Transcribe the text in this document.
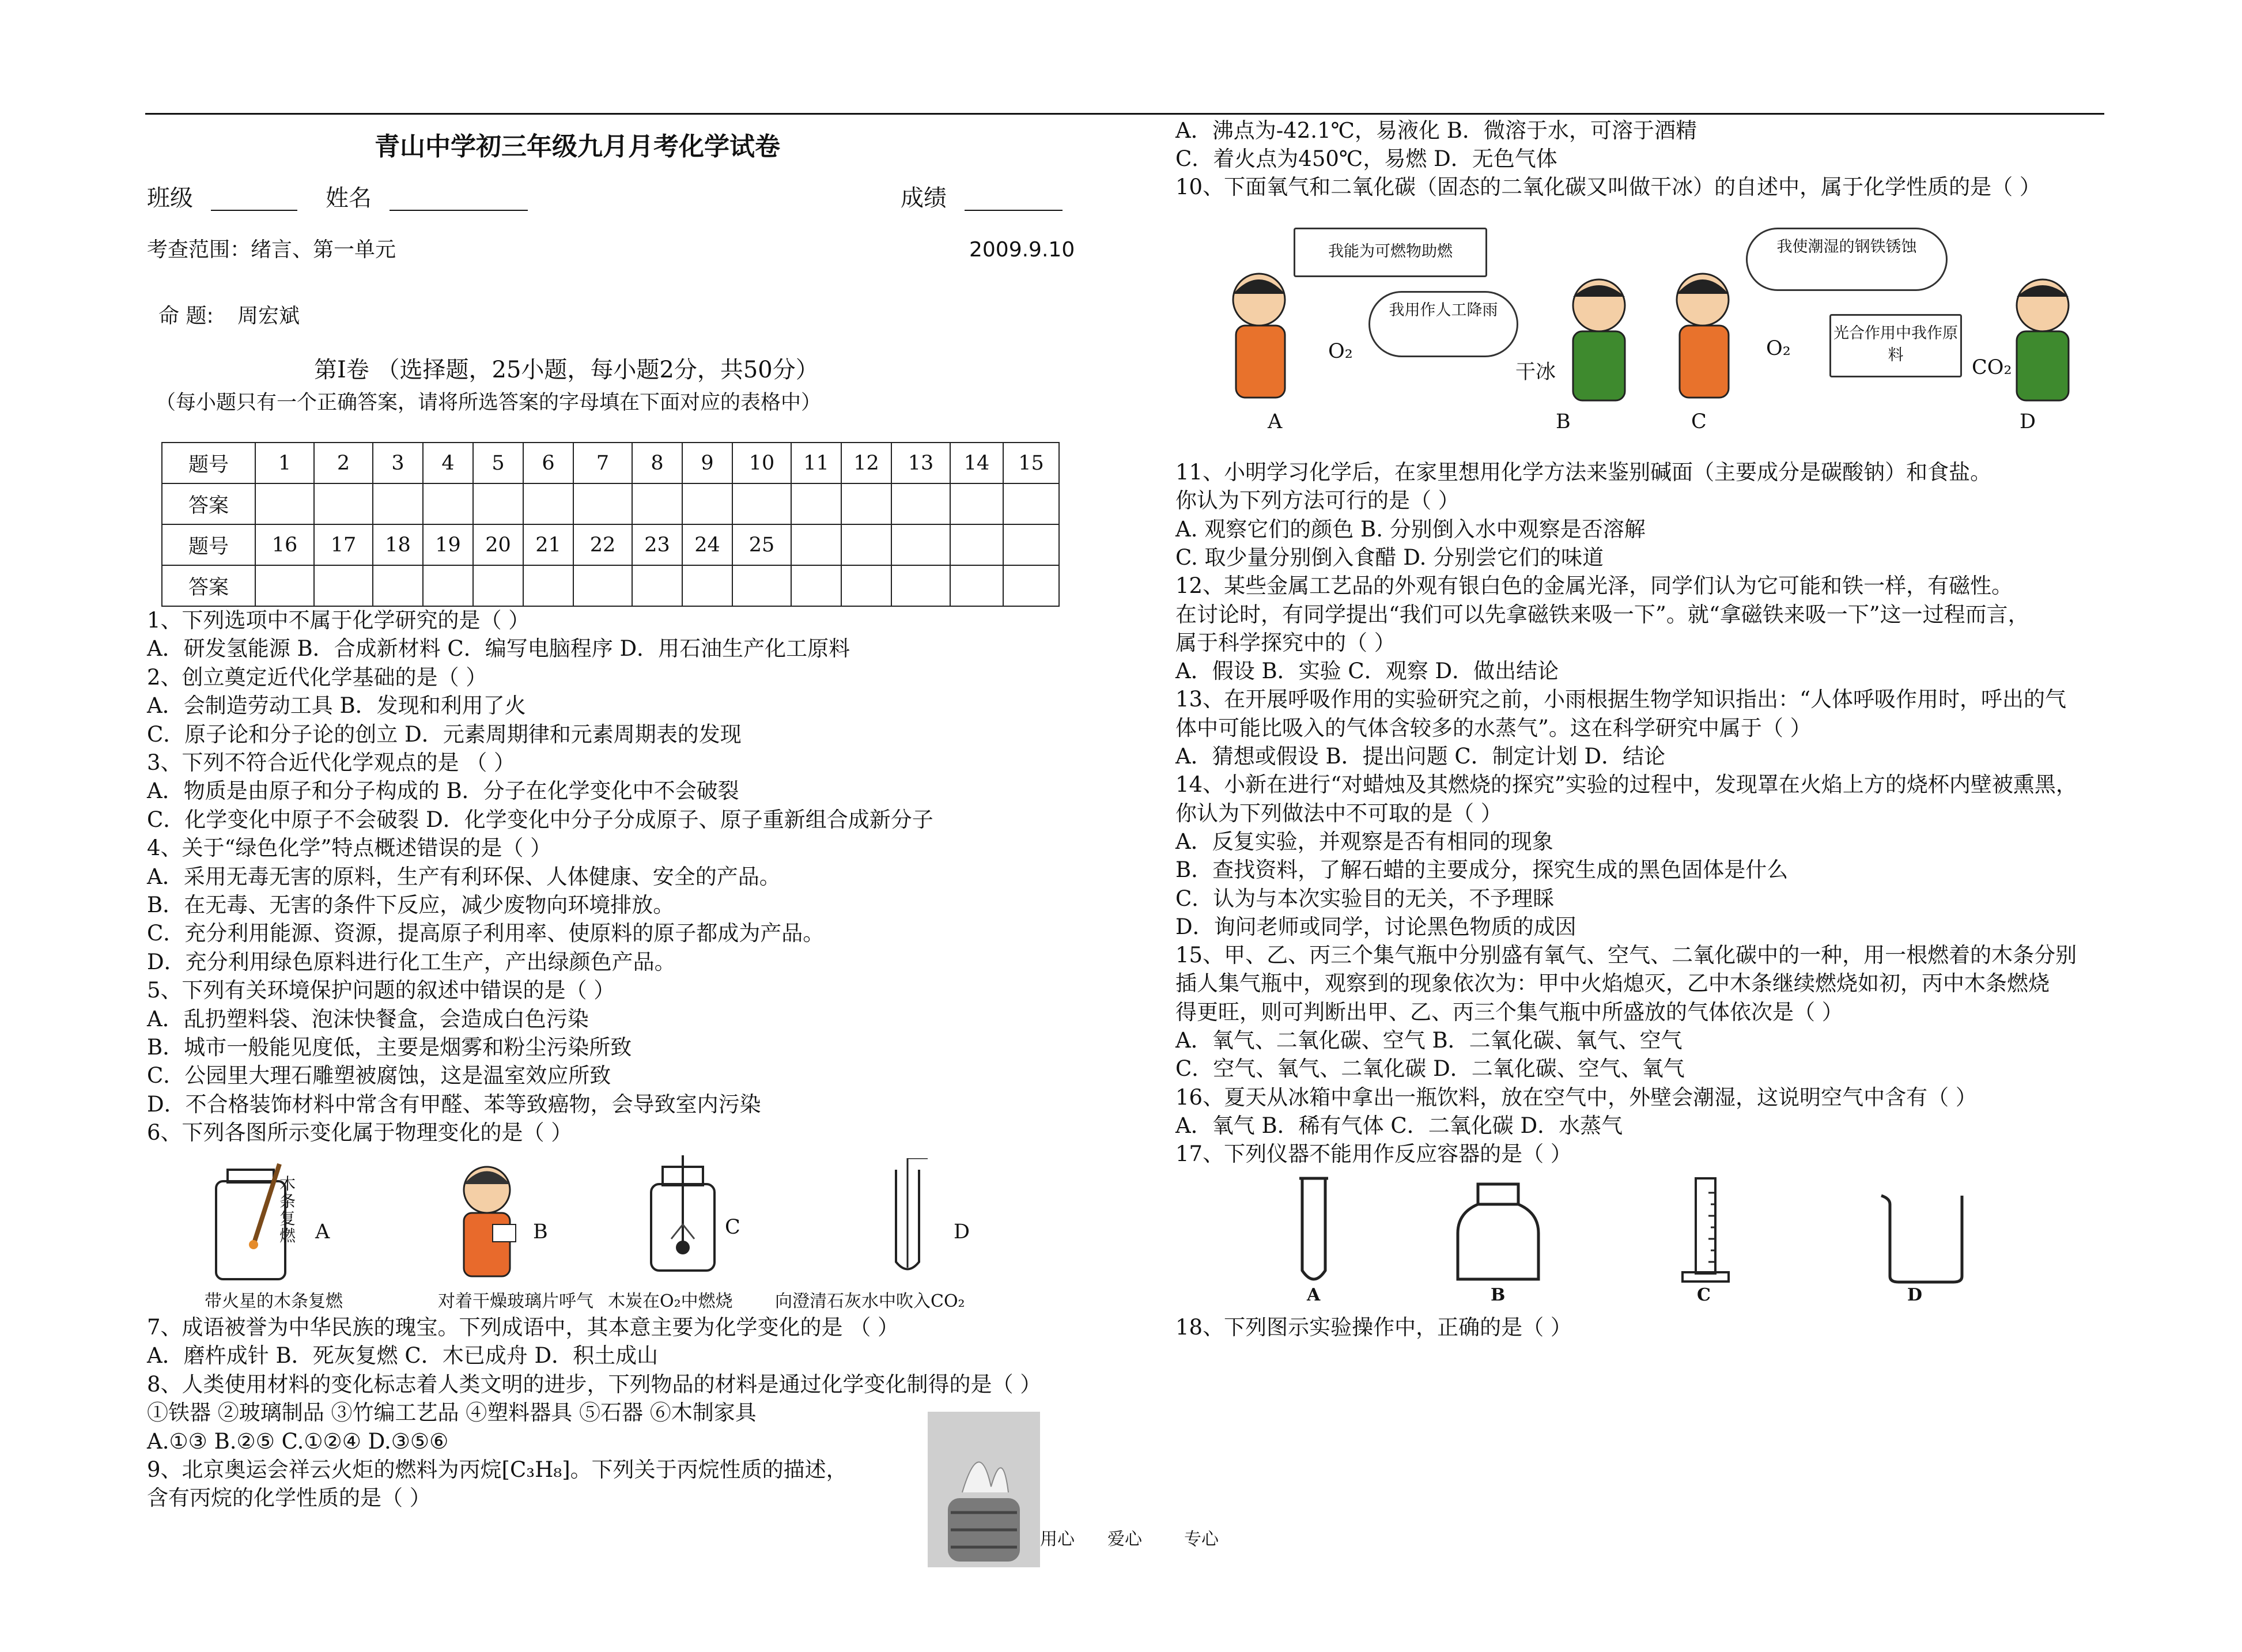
青山中学初三年级九月月考化学试卷
班级	姓名	成绩
考查范围：绪言、第一单元	2009.9.10
命 题: 周宏斌
第Ⅰ卷 （选择题，25小题，每小题2分，共50分）
（每小题只有一个正确答案，请将所选答案的字母填在下面对应的表格中）
题号	1	2	3	4	5	6	7	8	9	10	11	12	13	14	15
答案															
题号	16	17	18	19	20	21	22	23	24	25					
答案															
1、下列选项中不属于化学研究的是（ ）
A．研发氢能源 B．合成新材料 C．编写电脑程序 D．用石油生产化工原料
2、创立奠定近代化学基础的是（ ）
A．会制造劳动工具 B．发现和利用了火
C．原子论和分子论的创立 D．元素周期律和元素周期表的发现
3、下列不符合近代化学观点的是 （ ）
A．物质是由原子和分子构成的 B．分子在化学变化中不会破裂
C．化学变化中原子不会破裂 D．化学变化中分子分成原子、原子重新组合成新分子
4、关于“绿色化学”特点概述错误的是（ ）
A．采用无毒无害的原料，生产有利环保、人体健康、安全的产品。
B．在无毒、无害的条件下反应，减少废物向环境排放。
C．充分利用能源、资源，提高原子利用率、使原料的原子都成为产品。
D．充分利用绿色原料进行化工生产，产出绿颜色产品。
5、下列有关环境保护问题的叙述中错误的是（ ）
A．乱扔塑料袋、泡沫快餐盒，会造成白色污染
B．城市一般能见度低，主要是烟雾和粉尘污染所致
C．公园里大理石雕塑被腐蚀，这是温室效应所致
D．不合格装饰材料中常含有甲醛、苯等致癌物，会导致室内污染
6、下列各图所示变化属于物理变化的是（ ）
木条复燃 A	B	C	D
带火星的木条复燃	对着干燥玻璃片呼气 木炭在O₂中燃烧 向澄清石灰水中吹入CO₂
7、成语被誉为中华民族的瑰宝。下列成语中，其本意主要为化学变化的是 （ ）
A．磨杵成针 B．死灰复燃 C．木已成舟 D．积土成山
8、人类使用材料的变化标志着人类文明的进步，下列物品的材料是通过化学变化制得的是（ ）
①铁器 ②玻璃制品 ③竹编工艺品 ④塑料器具 ⑤石器 ⑥木制家具
A.①③ B.②⑤ C.①②④ D.③⑤⑥
9、北京奥运会祥云火炬的燃料为丙烷[C₃H₈]。下列关于丙烷性质的描述，
含有丙烷的化学性质的是（ ）
A．沸点为-42.1℃，易液化 B．微溶于水，可溶于酒精
C．着火点为450℃，易燃 D．无色气体
10、下面氧气和二氧化碳（固态的二氧化碳又叫做干冰）的自述中，属于化学性质的是（ ）
我能为可燃物助燃
O₂
A
我用作人工降雨
干冰
B
O₂
C
我使潮湿的钢铁锈蚀
光合作用中我作原料
CO₂
D
11、小明学习化学后，在家里想用化学方法来鉴别碱面（主要成分是碳酸钠）和食盐。
你认为下列方法可行的是（ ）
A. 观察它们的颜色 B. 分别倒入水中观察是否溶解
C. 取少量分别倒入食醋 D. 分别尝它们的味道
12、某些金属工艺品的外观有银白色的金属光泽，同学们认为它可能和铁一样，有磁性。
在讨论时，有同学提出“我们可以先拿磁铁来吸一下”。就“拿磁铁来吸一下”这一过程而言，
属于科学探究中的（ ）
A．假设 B．实验 C．观察 D．做出结论
13、在开展呼吸作用的实验研究之前，小雨根据生物学知识指出：“人体呼吸作用时，呼出的气
体中可能比吸入的气体含较多的水蒸气”。这在科学研究中属于（ ）
A．猜想或假设 B．提出问题 C．制定计划 D．结论
14、小新在进行“对蜡烛及其燃烧的探究”实验的过程中，发现罩在火焰上方的烧杯内壁被熏黑，
你认为下列做法中不可取的是（ ）
A．反复实验，并观察是否有相同的现象
B．查找资料，了解石蜡的主要成分，探究生成的黑色固体是什么
C．认为与本次实验目的无关，不予理睬
D．询问老师或同学，讨论黑色物质的成因
15、甲、乙、丙三个集气瓶中分别盛有氧气、空气、二氧化碳中的一种，用一根燃着的木条分别
插人集气瓶中，观察到的现象依次为：甲中火焰熄灭，乙中木条继续燃烧如初，丙中木条燃烧
得更旺，则可判断出甲、乙、丙三个集气瓶中所盛放的气体依次是（ ）
A．氧气、二氧化碳、空气 B．二氧化碳、氧气、空气
C．空气、氧气、二氧化碳 D．二氧化碳、空气、氧气
16、夏天从冰箱中拿出一瓶饮料，放在空气中，外壁会潮湿，这说明空气中含有（ ）
A．氧气 B．稀有气体 C．二氧化碳 D．水蒸气
17、下列仪器不能用作反应容器的是（ ）
A	B	C	D
18、下列图示实验操作中，正确的是（ ）
用心 爱心 专心
